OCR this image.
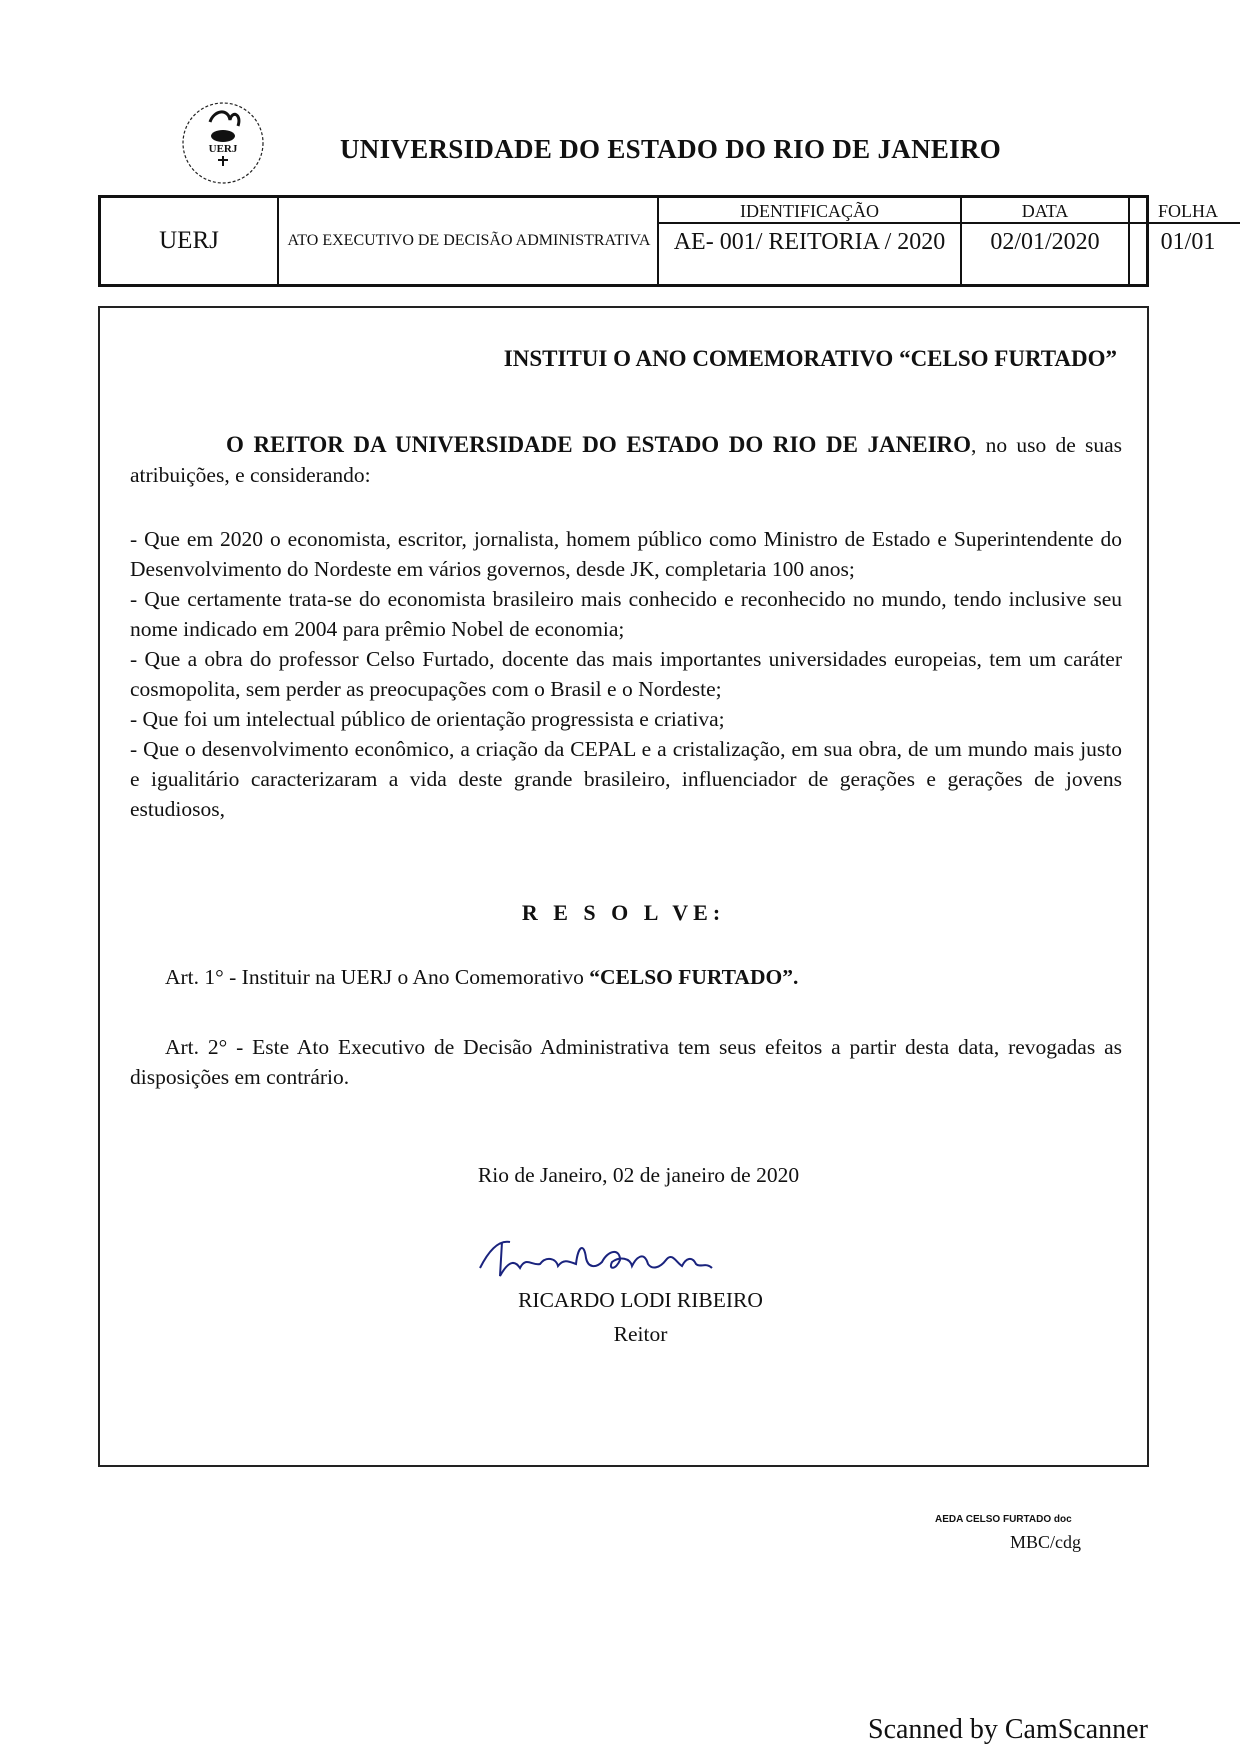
UERJ	UNIVERSIDADE DO ESTADO DO RIO DE JANEIRO
UERJ	ATO EXECUTIVO DE DECISÃO ADMINISTRATIVA
IDENTIFICAÇÃO
AE- 001/ REITORIA / 2020
DATA
02/01/2020
FOLHA
01/01
INSTITUI O ANO COMEMORATIVO “CELSO FURTADO”
O REITOR DA UNIVERSIDADE DO ESTADO DO RIO DE JANEIRO, no uso de suas atribuições, e considerando:

- Que em 2020 o economista, escritor, jornalista, homem público como Ministro de Estado e Superintendente do Desenvolvimento do Nordeste em vários governos, desde JK, completaria 100 anos;

- Que certamente trata-se do economista brasileiro mais conhecido e reconhecido no mundo, tendo inclusive seu nome indicado em 2004 para prêmio Nobel de economia;

- Que a obra do professor Celso Furtado, docente das mais importantes universidades europeias, tem um caráter cosmopolita, sem perder as preocupações com o Brasil e o Nordeste;

- Que foi um intelectual público de orientação progressista e criativa;

- Que o desenvolvimento econômico, a criação da CEPAL e a cristalização, em sua obra, de um mundo mais justo e igualitário caracterizaram a vida deste grande brasileiro, influenciador de gerações e gerações de jovens estudiosos,

R E S O L VE:
Art. 1° - Instituir na UERJ o Ano Comemorativo “CELSO FURTADO”.
Art. 2° - Este Ato Executivo de Decisão Administrativa tem seus efeitos a partir desta data, revogadas as disposições em contrário.
Rio de Janeiro, 02 de janeiro de 2020
RICARDO LODI RIBEIRO
Reitor
AEDA CELSO FURTADO doc
MBC/cdg
Scanned by CamScanner
